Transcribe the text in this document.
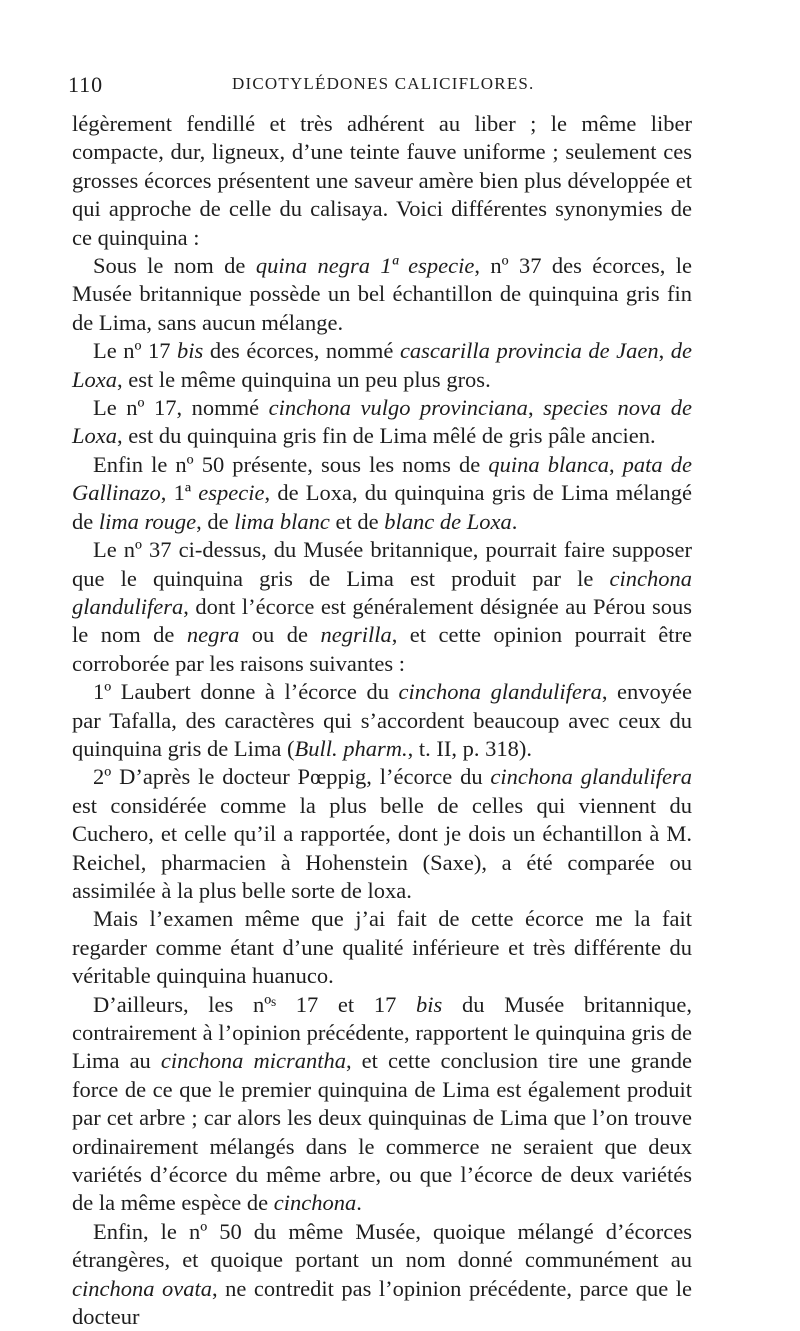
110	DICOTYLÉDONES CALICIFLORES.

légèrement fendillé et très adhérent au liber ; le même liber compacte, dur, ligneux, d’une teinte fauve uniforme ; seulement ces grosses écorces présentent une saveur amère bien plus développée et qui approche de celle du calisaya. Voici différentes synonymies de ce quinquina :

Sous le nom de quina negra 1ª especie, nº 37 des écorces, le Musée britannique possède un bel échantillon de quinquina gris fin de Lima, sans aucun mélange.

Le nº 17 bis des écorces, nommé cascarilla provincia de Jaen, de Loxa, est le même quinquina un peu plus gros.

Le nº 17, nommé cinchona vulgo provinciana, species nova de Loxa, est du quinquina gris fin de Lima mêlé de gris pâle ancien.

Enfin le nº 50 présente, sous les noms de quina blanca, pata de Gallinazo, 1ª especie, de Loxa, du quinquina gris de Lima mélangé de lima rouge, de lima blanc et de blanc de Loxa.

Le nº 37 ci-dessus, du Musée britannique, pourrait faire supposer que le quinquina gris de Lima est produit par le cinchona glandulifera, dont l’écorce est généralement désignée au Pérou sous le nom de negra ou de negrilla, et cette opinion pourrait être corroborée par les raisons suivantes :

1º Laubert donne à l’écorce du cinchona glandulifera, envoyée par Tafalla, des caractères qui s’accordent beaucoup avec ceux du quinquina gris de Lima (Bull. pharm., t. II, p. 318).

2º D’après le docteur Pœppig, l’écorce du cinchona glandulifera est considérée comme la plus belle de celles qui viennent du Cuchero, et celle qu’il a rapportée, dont je dois un échantillon à M. Reichel, pharmacien à Hohenstein (Saxe), a été comparée ou assimilée à la plus belle sorte de loxa.

Mais l’examen même que j’ai fait de cette écorce me la fait regarder comme étant d’une qualité inférieure et très différente du véritable quinquina huanuco.

D’ailleurs, les nºˢ 17 et 17 bis du Musée britannique, contrairement à l’opinion précédente, rapportent le quinquina gris de Lima au cinchona micrantha, et cette conclusion tire une grande force de ce que le premier quinquina de Lima est également produit par cet arbre ; car alors les deux quinquinas de Lima que l’on trouve ordinairement mélangés dans le commerce ne seraient que deux variétés d’écorce du même arbre, ou que l’écorce de deux variétés de la même espèce de cinchona.

Enfin, le nº 50 du même Musée, quoique mélangé d’écorces étrangères, et quoique portant un nom donné communément au cinchona ovata, ne contredit pas l’opinion précédente, parce que le docteur
